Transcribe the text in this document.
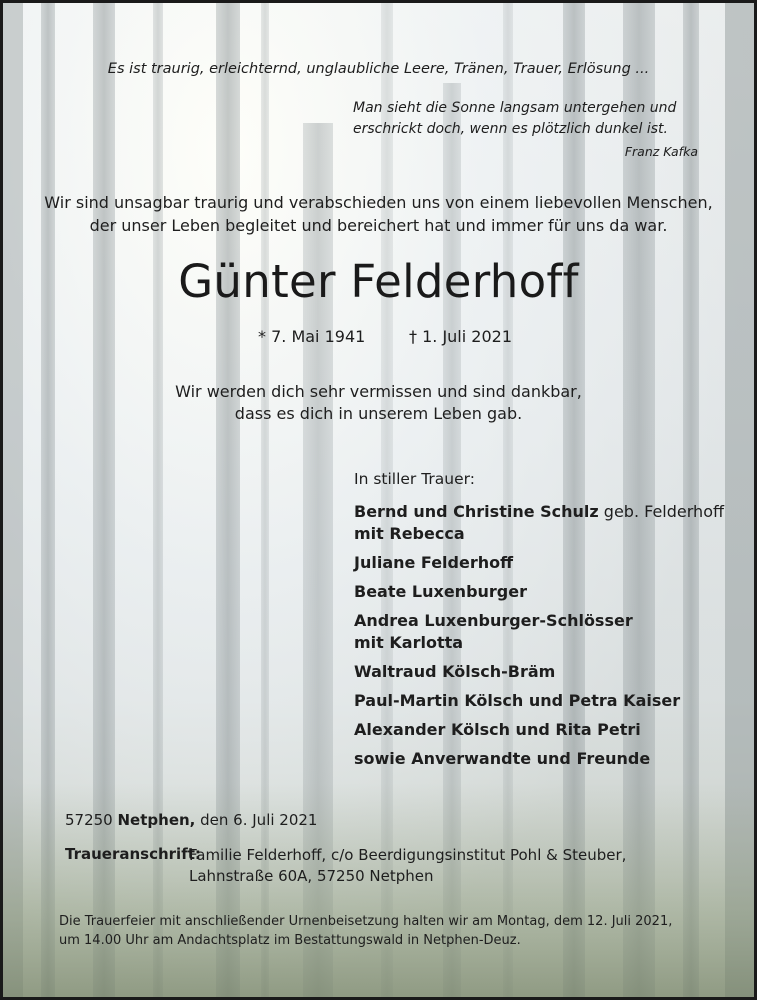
Es ist traurig, erleichternd, unglaubliche Leere, Tränen, Trauer, Erlösung ...
Man sieht die Sonne langsam untergehen und
erschrickt doch, wenn es plötzlich dunkel ist.
Franz Kafka
Wir sind unsagbar traurig und verabschieden uns von einem liebevollen Menschen,
der unser Leben begleitet und bereichert hat und immer für uns da war.
Günter Felderhoff
* 7. Mai 1941	† 1. Juli 2021
Wir werden dich sehr vermissen und sind dankbar,
dass es dich in unserem Leben gab.
In stiller Trauer:
Bernd und Christine Schulz geb. Felderhoff
mit Rebecca
Juliane Felderhoff
Beate Luxenburger
Andrea Luxenburger-Schlösser
mit Karlotta
Waltraud Kölsch-Bräm
Paul-Martin Kölsch und Petra Kaiser
Alexander Kölsch und Rita Petri
sowie Anverwandte und Freunde
57250 Netphen, den 6. Juli 2021
Traueranschrift:
Familie Felderhoff, c/o Beerdigungsinstitut Pohl & Steuber,
Lahnstraße 60A, 57250 Netphen
Die Trauerfeier mit anschließender Urnenbeisetzung halten wir am Montag, dem 12. Juli 2021,
um 14.00 Uhr am Andachtsplatz im Bestattungswald in Netphen-Deuz.
